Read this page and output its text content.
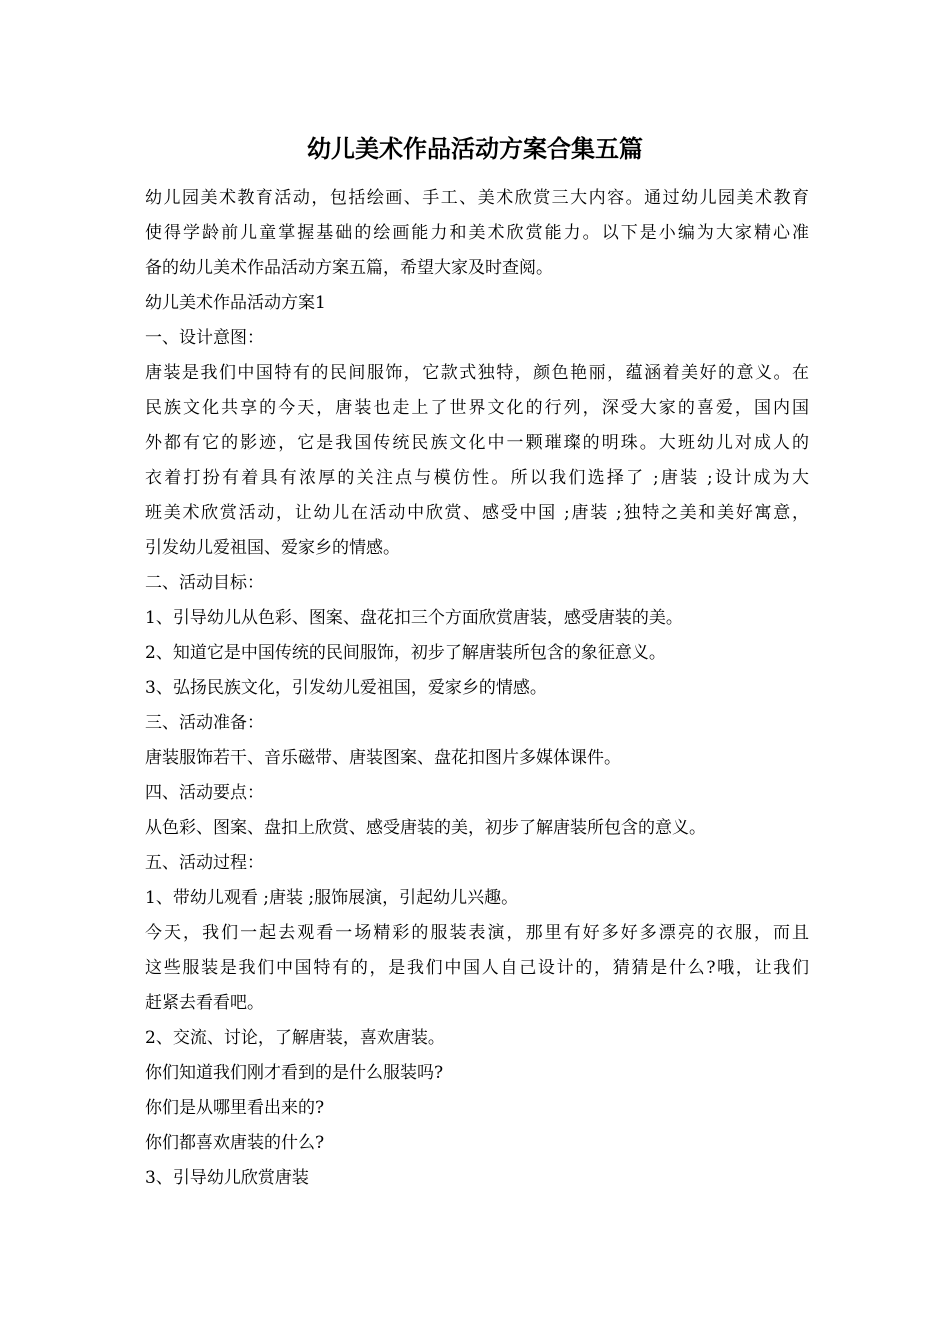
幼儿美术作品活动方案合集五篇

幼儿园美术教育活动，包括绘画、手工、美术欣赏三大内容。通过幼儿园美术教育

使得学龄前儿童掌握基础的绘画能力和美术欣赏能力。以下是小编为大家精心准

备的幼儿美术作品活动方案五篇，希望大家及时查阅。

幼儿美术作品活动方案1

一、设计意图：

唐装是我们中国特有的民间服饰，它款式独特，颜色艳丽，蕴涵着美好的意义。在

民族文化共享的今天，唐装也走上了世界文化的行列，深受大家的喜爱，国内国

外都有它的影迹，它是我国传统民族文化中一颗璀璨的明珠。大班幼儿对成人的

衣着打扮有着具有浓厚的关注点与模仿性。所以我们选择了 ;唐装 ;设计成为大

班美术欣赏活动，让幼儿在活动中欣赏、感受中国 ;唐装 ;独特之美和美好寓意，

引发幼儿爱祖国、爱家乡的情感。

二、活动目标：

1、引导幼儿从色彩、图案、盘花扣三个方面欣赏唐装，感受唐装的美。

2、知道它是中国传统的民间服饰，初步了解唐装所包含的象征意义。

3、弘扬民族文化，引发幼儿爱祖国，爱家乡的情感。

三、活动准备：

唐装服饰若干、音乐磁带、唐装图案、盘花扣图片多媒体课件。

四、活动要点：

从色彩、图案、盘扣上欣赏、感受唐装的美，初步了解唐装所包含的意义。

五、活动过程：

1、带幼儿观看 ;唐装 ;服饰展演，引起幼儿兴趣。

今天，我们一起去观看一场精彩的服装表演，那里有好多好多漂亮的衣服，而且

这些服装是我们中国特有的，是我们中国人自己设计的，猜猜是什么?哦，让我们

赶紧去看看吧。

2、交流、讨论，了解唐装，喜欢唐装。

你们知道我们刚才看到的是什么服装吗?

你们是从哪里看出来的?

你们都喜欢唐装的什么?

3、引导幼儿欣赏唐装
